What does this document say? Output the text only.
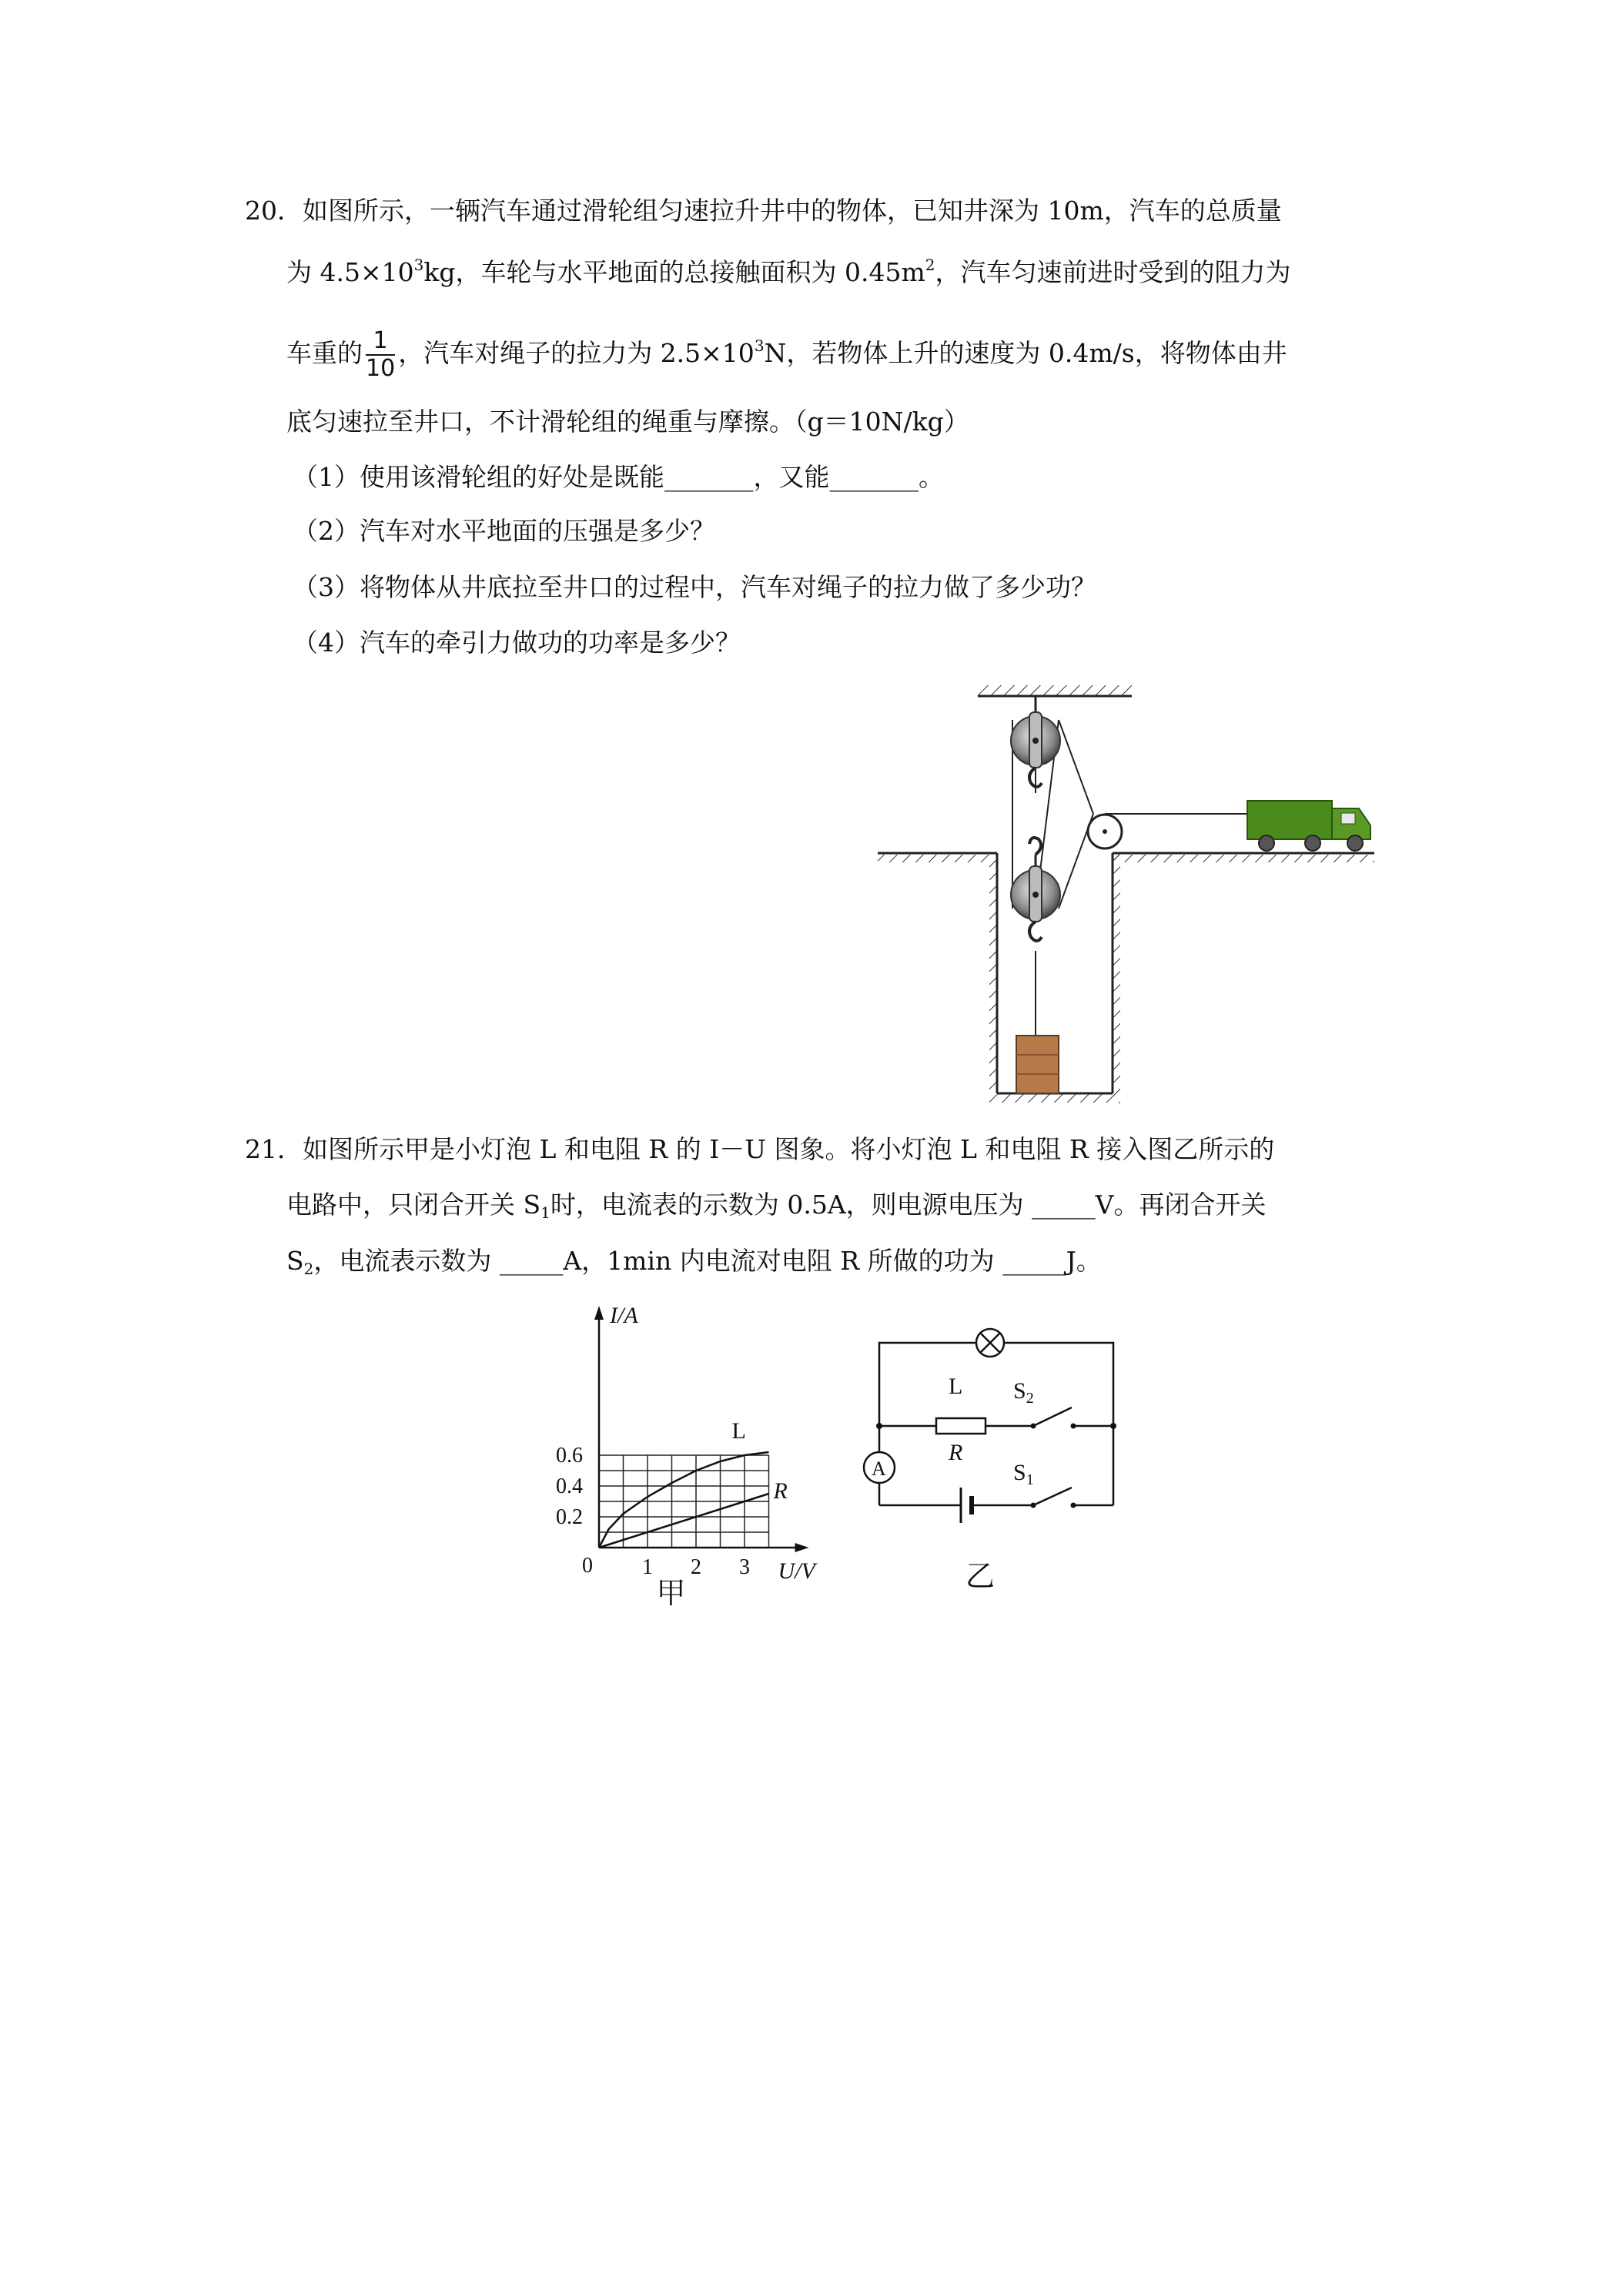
20．如图所示，一辆汽车通过滑轮组匀速拉升井中的物体，已知井深为 10m，汽车的总质量
为 $4.5\times 10^3kg$，车轮与水平地面的总接触面积为 $0.45m^2$，汽车匀速前进时受到的阻力为
车重的 $\frac{1}{10}$ ，汽车对绳子的拉力为 $2.5\times 10^3N$，若物体上升的速度为 0.4m/s，将物体由井
底匀速拉至井口，不计滑轮组的绳重与摩擦。（g＝10N/kg）
（1）使用该滑轮组的好处是既能_______，又能_______。
（2）汽车对水平地面的压强是多少？
（3）将物体从井底拉至井口的过程中，汽车对绳子的拉力做了多少功？
（4）汽车的牵引力做功的功率是多少？
21．如图所示甲是小灯泡 L 和电阻 R 的 I－U 图象。将小灯泡 L 和电阻 R 接入图乙所示的
电路中，只闭合开关 $S_1$时，电流表的示数为 0.5A，则电源电压为 _____V。再闭合开关
$S_2$，电流表示数为 _____A，1min 内电流对电阻 R 所做的功为 _____J。
1 2 3
0.2
0.4
0.6
0
I/A
U/V
甲
L
R
L
R
$S_2$
A	$S_1$
乙
